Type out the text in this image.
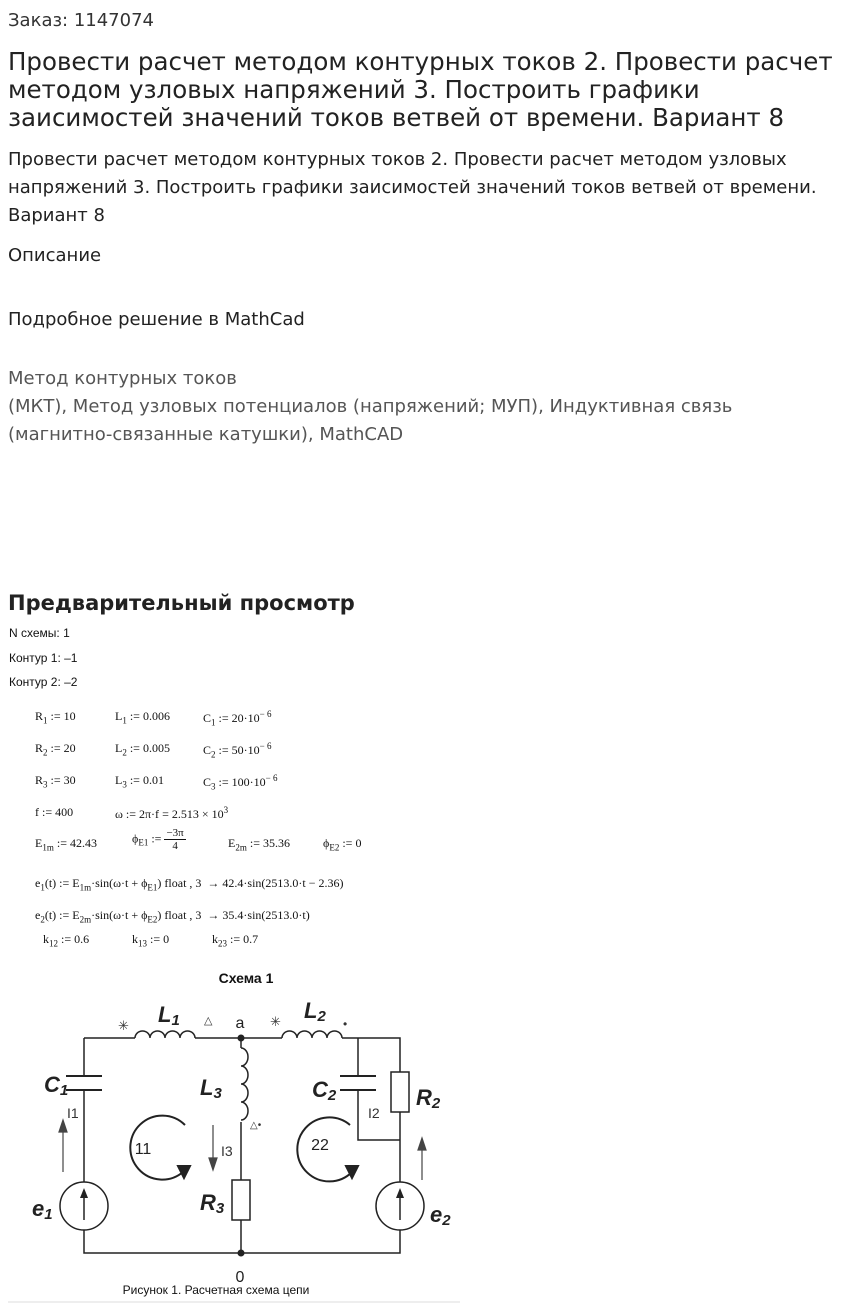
Заказ: 1147074
Провести расчет методом контурных токов 2. Провести расчет методом узловых напряжений 3. Построить графики заисимостей значений токов ветвей от времени. Вариант 8
Провести расчет методом контурных токов 2. Провести расчет методом узловых напряжений 3. Построить графики заисимостей значений токов ветвей от времени. Вариант 8
Описание
Подробное решение в MathCad
Метод контурных токов
(МКТ), Метод узловых потенциалов (напряжений; МУП), Индуктивная связь
(магнитно-связанные катушки), MathCAD
Предварительный просмотр
N схемы: 1
Контур 1: –1
Контур 2: –2
$R_1$ := 10	$L_1$ := 0.006	$C_1$ := $20\cdot 10^{- 6}$
$R_2$ := 20	$L_2$ := 0.005	$C_2$ := $50\cdot 10^{- 6}$
$R_3$ := 30	$L_3$ := 0.01	$C_3$ := $100\cdot 10^{- 6}$
f := 400	ω := $2\pi\cdot f = 2.513 \times 10^3$
$E_{1m}$ := 42.43	$\phi_{E1}$ := $\frac{-3\pi}{4}$	$E_{2m}$ := 35.36	$\phi_{E2}$ := 0
$e_1(t)$ := $E_{1m}\cdot\sin(\omega\cdot t + \phi_{E1})$ float , 3  → 42.4·sin(2513.0·t − 2.36)
$e_2(t)$ := $E_{2m}\cdot\sin(\omega\cdot t + \phi_{E2})$ float , 3  → 35.4·sin(2513.0·t)
$k_{12}$ := 0.6	$k_{13}$ := 0	$k_{23}$ := 0.7
Схема 1
✳	△	✳	•
△•
L1	L2
L3
C1	C2	R2
R3
e1	e2
I1
I3
I2
11	22
a
0
Рисунок 1. Расчетная схема цепи
